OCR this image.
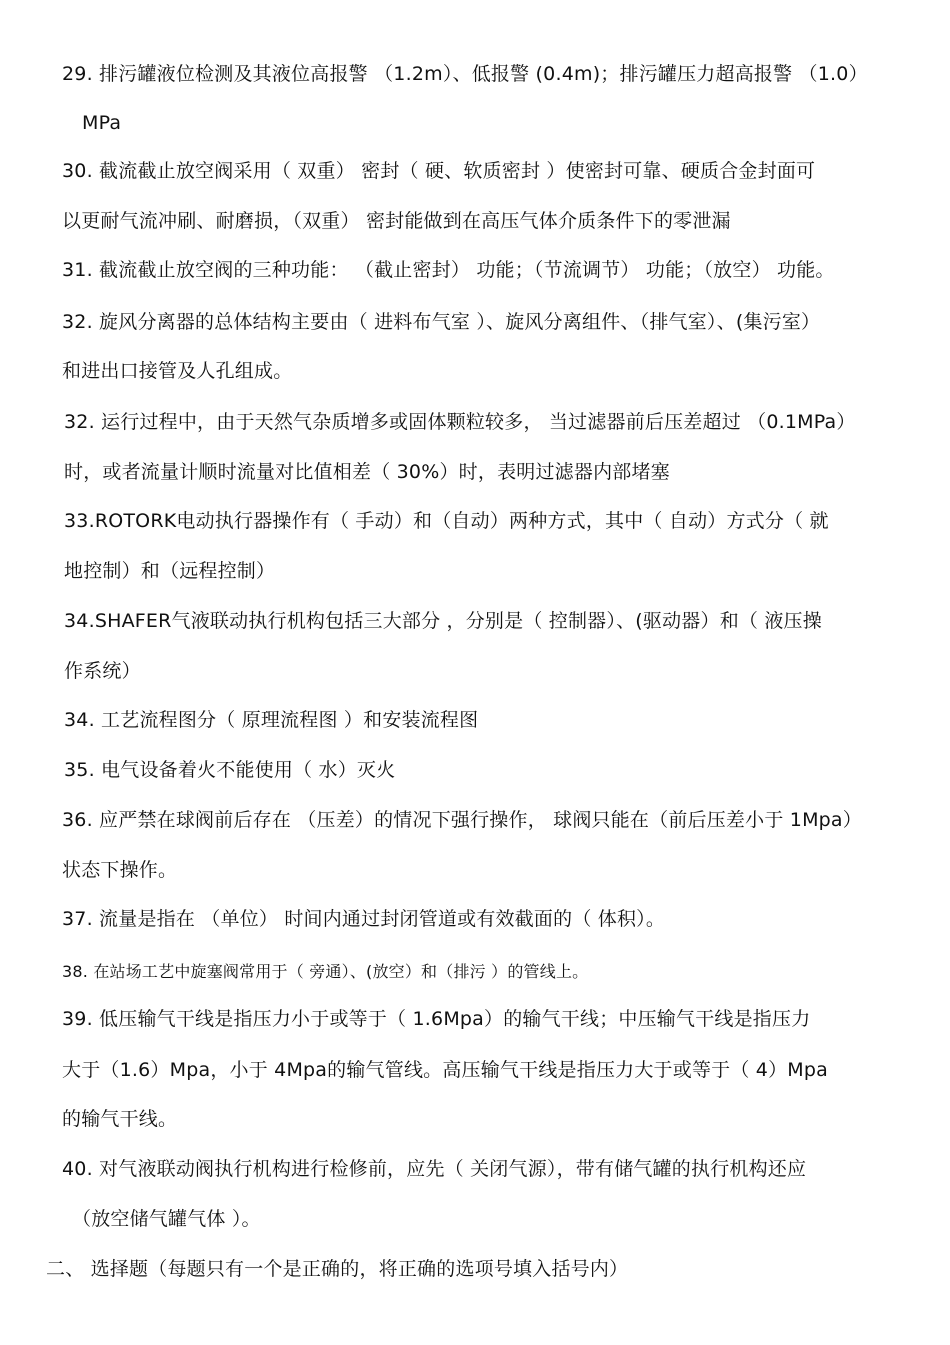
29. 排污罐液位检测及其液位高报警 （1.2m）、低报警 (0.4m)；排污罐压力超高报警 （1.0）
MPa
30. 截流截止放空阀采用（ 双重） 密封（ 硬、软质密封 ）使密封可靠、硬质合金封面可
以更耐气流冲刷、耐磨损，（双重） 密封能做到在高压气体介质条件下的零泄漏
31. 截流截止放空阀的三种功能： （截止密封） 功能；（节流调节） 功能；（放空） 功能。
32. 旋风分离器的总体结构主要由（ 进料布气室 ）、旋风分离组件、（排气室）、(集污室）
和进出口接管及人孔组成。
32. 运行过程中，由于天然气杂质增多或固体颗粒较多， 当过滤器前后压差超过 （0.1MPa）
时，或者流量计顺时流量对比值相差（ 30%）时，表明过滤器内部堵塞
33.ROTORK电动执行器操作有（ 手动）和（自动）两种方式，其中（ 自动）方式分（ 就
地控制）和（远程控制）
34.SHAFER气液联动执行机构包括三大部分 ，分别是（ 控制器）、(驱动器）和（ 液压操
作系统）
34. 工艺流程图分（ 原理流程图 ）和安装流程图
35. 电气设备着火不能使用（ 水）灭火
36. 应严禁在球阀前后存在 （压差）的情况下强行操作， 球阀只能在（前后压差小于 1Mpa）
状态下操作。
37. 流量是指在 （单位） 时间内通过封闭管道或有效截面的（ 体积）。
38. 在站场工艺中旋塞阀常用于（ 旁通）、(放空）和（排污 ）的管线上。
39. 低压输气干线是指压力小于或等于（ 1.6Mpa）的输气干线；中压输气干线是指压力
大于（1.6）Mpa，小于 4Mpa的输气管线。高压输气干线是指压力大于或等于（ 4）Mpa
的输气干线。
40. 对气液联动阀执行机构进行检修前，应先（ 关闭气源），带有储气罐的执行机构还应
（放空储气罐气体 ）。
二、 选择题（每题只有一个是正确的，将正确的选项号填入括号内）
